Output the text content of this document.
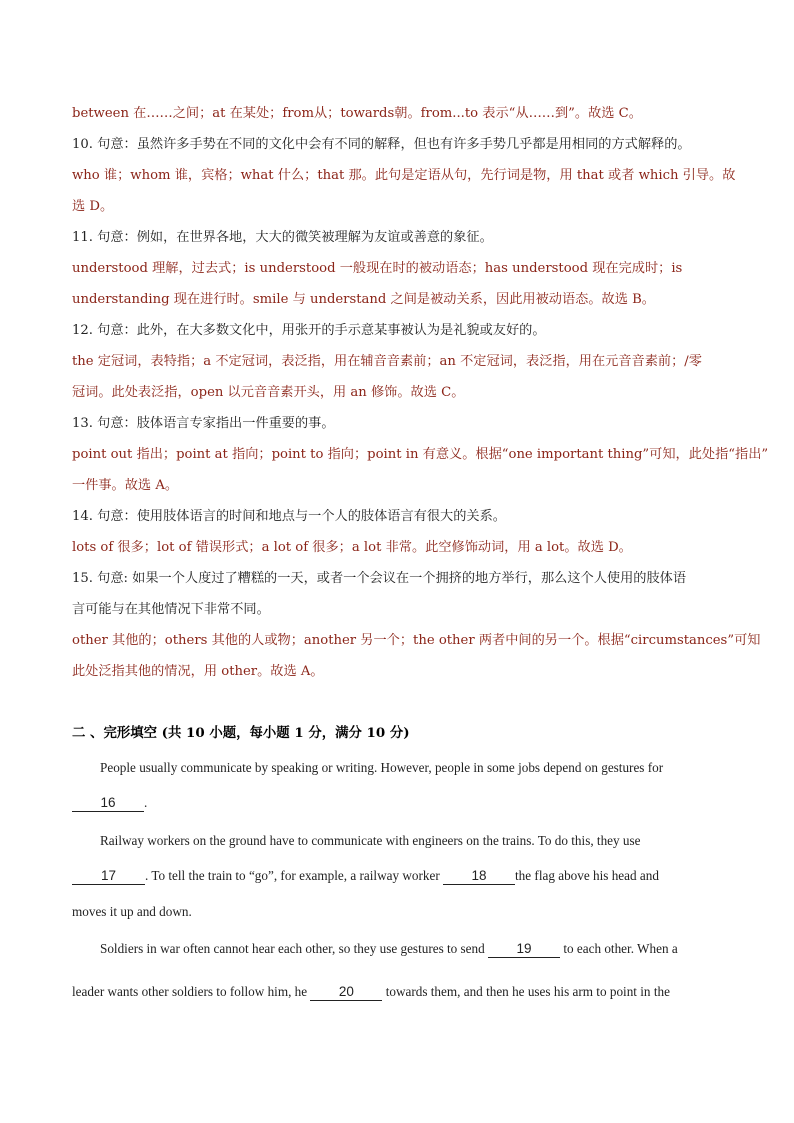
between 在……之间；at 在某处；from从；towards朝。from...to 表示“从……到”。故选 C。
10. 句意：虽然许多手势在不同的文化中会有不同的解释，但也有许多手势几乎都是用相同的方式解释的。
who 谁；whom 谁，宾格；what 什么；that 那。此句是定语从句，先行词是物，用 that 或者 which 引导。故
选 D。
11. 句意：例如，在世界各地，大大的微笑被理解为友谊或善意的象征。
understood 理解，过去式；is understood 一般现在时的被动语态；has understood 现在完成时；is
understanding 现在进行时。smile 与 understand 之间是被动关系，因此用被动语态。故选 B。
12. 句意：此外，在大多数文化中，用张开的手示意某事被认为是礼貌或友好的。
the 定冠词，表特指；a 不定冠词，表泛指，用在辅音音素前；an 不定冠词，表泛指，用在元音音素前；/零
冠词。此处表泛指，open 以元音音素开头，用 an 修饰。故选 C。
13. 句意：肢体语言专家指出一件重要的事。
point out 指出；point at 指向；point to 指向；point in 有意义。根据“one important thing”可知，此处指“指出”
一件事。故选 A。
14. 句意：使用肢体语言的时间和地点与一个人的肢体语言有很大的关系。
lots of 很多；lot of 错误形式；a lot of 很多；a lot 非常。此空修饰动词，用 a lot。故选 D。
15. 句意: 如果一个人度过了糟糕的一天，或者一个会议在一个拥挤的地方举行，那么这个人使用的肢体语
言可能与在其他情况下非常不同。
other 其他的；others 其他的人或物；another 另一个；the other 两者中间的另一个。根据“circumstances”可知
此处泛指其他的情况，用 other。故选 A。
二 、完形填空 (共 10 小题，每小题 1 分，满分 10 分)
People usually communicate by speaking or writing. However, people in some jobs depend on gestures for
16 .
Railway workers on the ground have to communicate with engineers on the trains. To do this, they use
17 . To tell the train to “go”, for example, a railway worker 18 the flag above his head and
moves it up and down.
Soldiers in war often cannot hear each other, so they use gestures to send 19 to each other. When a
leader wants other soldiers to follow him, he 20 towards them, and then he uses his arm to point in the
